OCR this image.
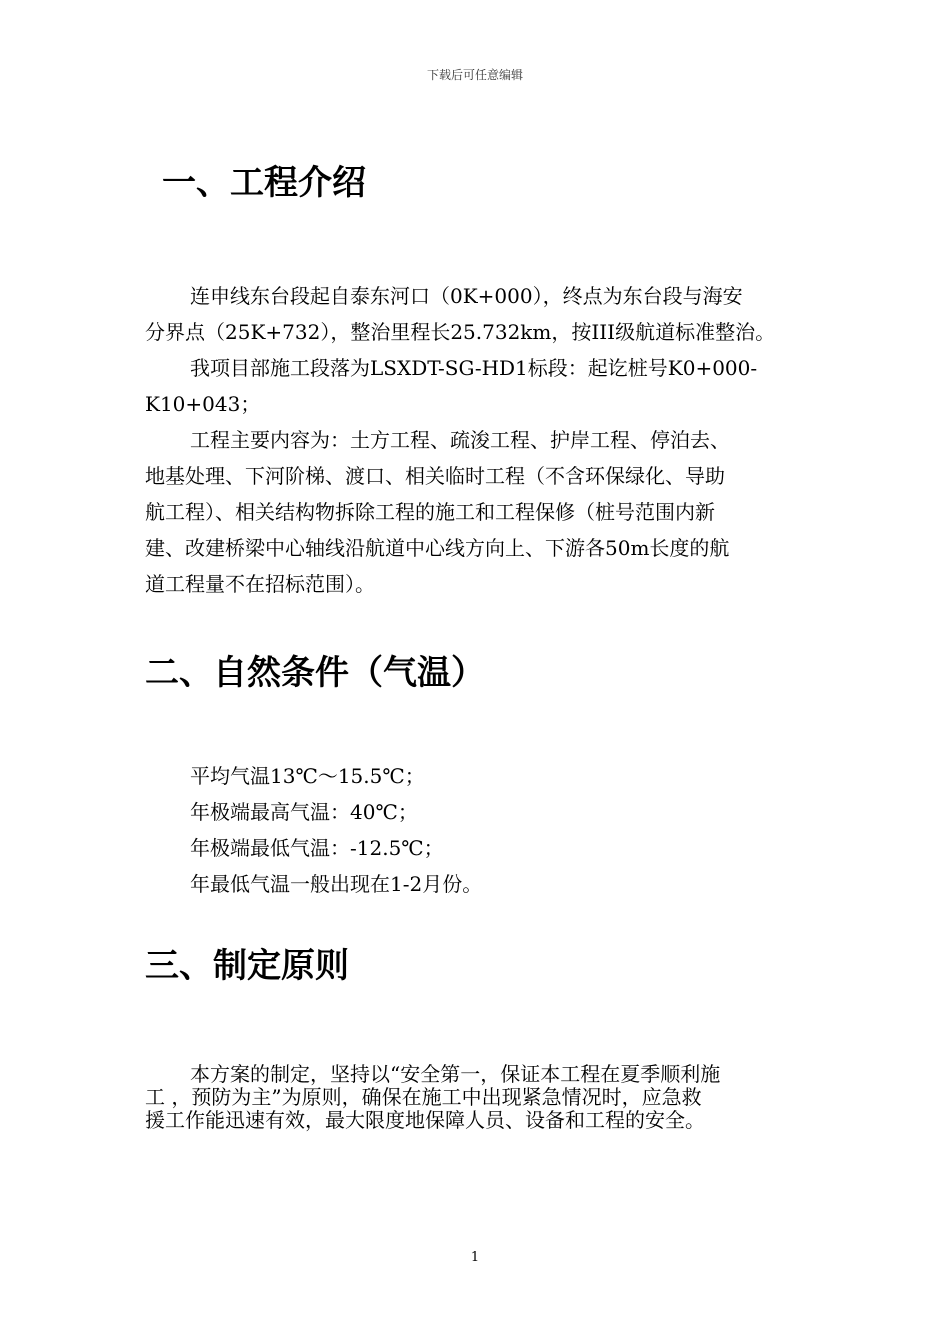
下载后可任意编辑
一、工程介绍
连申线东台段起自泰东河口（0K+000），终点为东台段与海安
分界点（25K+732），整治里程长25.732km，按III级航道标准整治。
我项目部施工段落为LSXDT-SG-HD1标段：起讫桩号K0+000-
K10+043；
工程主要内容为：土方工程、疏浚工程、护岸工程、停泊去、
地基处理、下河阶梯、渡口、相关临时工程（不含环保绿化、导助
航工程）、相关结构物拆除工程的施工和工程保修（桩号范围内新
建、改建桥梁中心轴线沿航道中心线方向上、下游各50m长度的航
道工程量不在招标范围）。
二、自然条件（气温）
平均气温13℃～15.5℃；
年极端最高气温：40℃；
年极端最低气温：-12.5℃；
年最低气温一般出现在1-2月份。
三、制定原则
本方案的制定，坚持以“安全第一，保证本工程在夏季顺利施
工 ，预防为主”为原则，确保在施工中出现紧急情况时，应急救
援工作能迅速有效，最大限度地保障人员、设备和工程的安全。
1
